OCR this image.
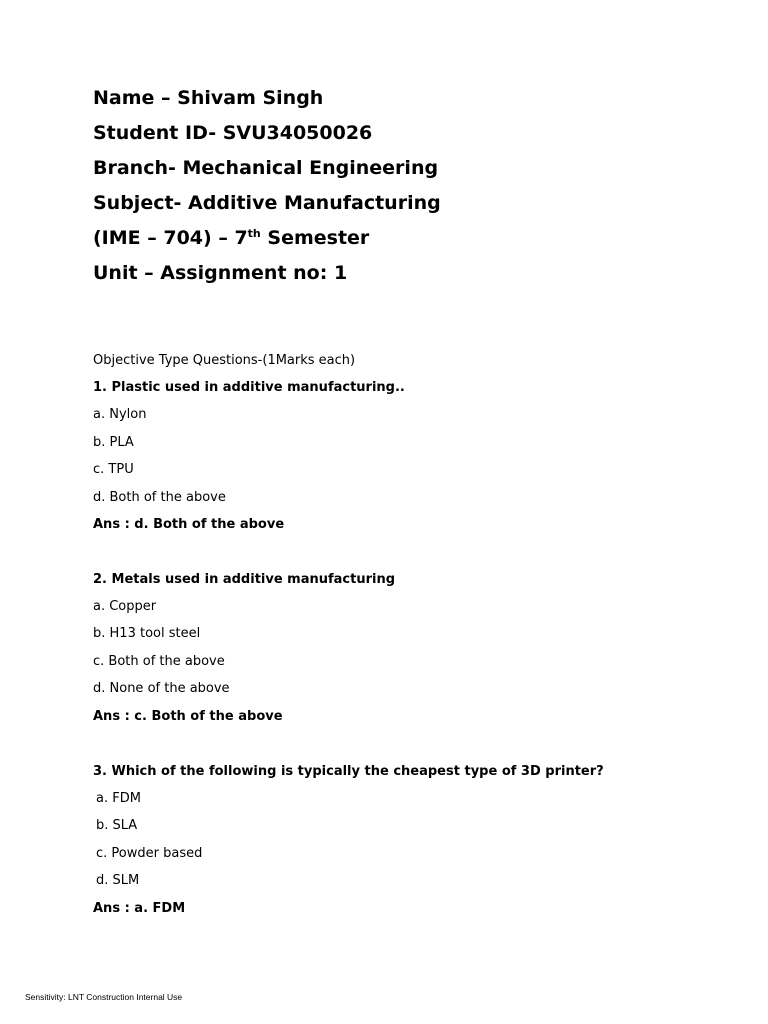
Name – Shivam Singh
Student ID- SVU34050026
Branch- Mechanical Engineering
Subject- Additive Manufacturing
(IME – 704) – 7th Semester
Unit – Assignment no: 1
Objective Type Questions-(1Marks each)
1. Plastic used in additive manufacturing..
a. Nylon
b. PLA
c. TPU
d. Both of the above
Ans : d. Both of the above
2. Metals used in additive manufacturing
a. Copper
b. H13 tool steel
c. Both of the above
d. None of the above
Ans : c. Both of the above
3. Which of the following is typically the cheapest type of 3D printer?
a. FDM
b. SLA
c. Powder based
d. SLM
Ans : a. FDM
Sensitivity: LNT Construction Internal Use
